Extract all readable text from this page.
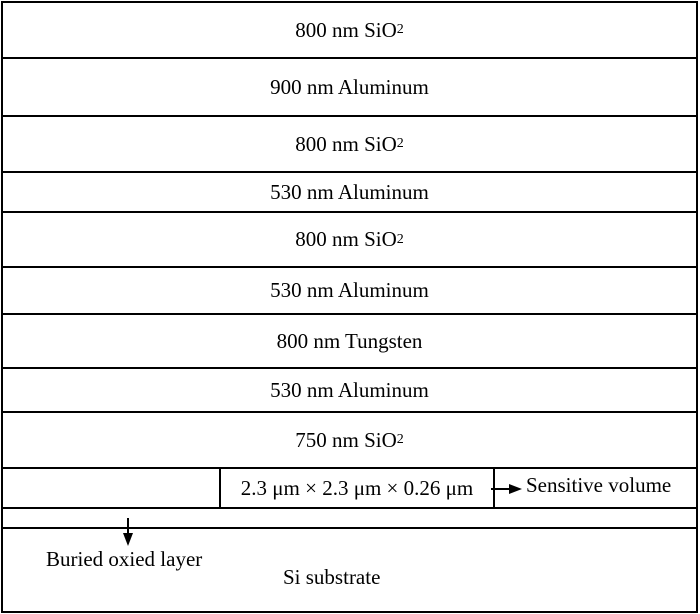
800 nm SiO 2
900 nm Aluminum
800 nm SiO 2
530 nm Aluminum
800 nm SiO 2
530 nm Aluminum
800 nm Tungsten
530 nm Aluminum
750 nm SiO 2
2.3 μm × 2.3 μm × 0.26 μm	Sensitive volume
Buried oxied layer
Si substrate
